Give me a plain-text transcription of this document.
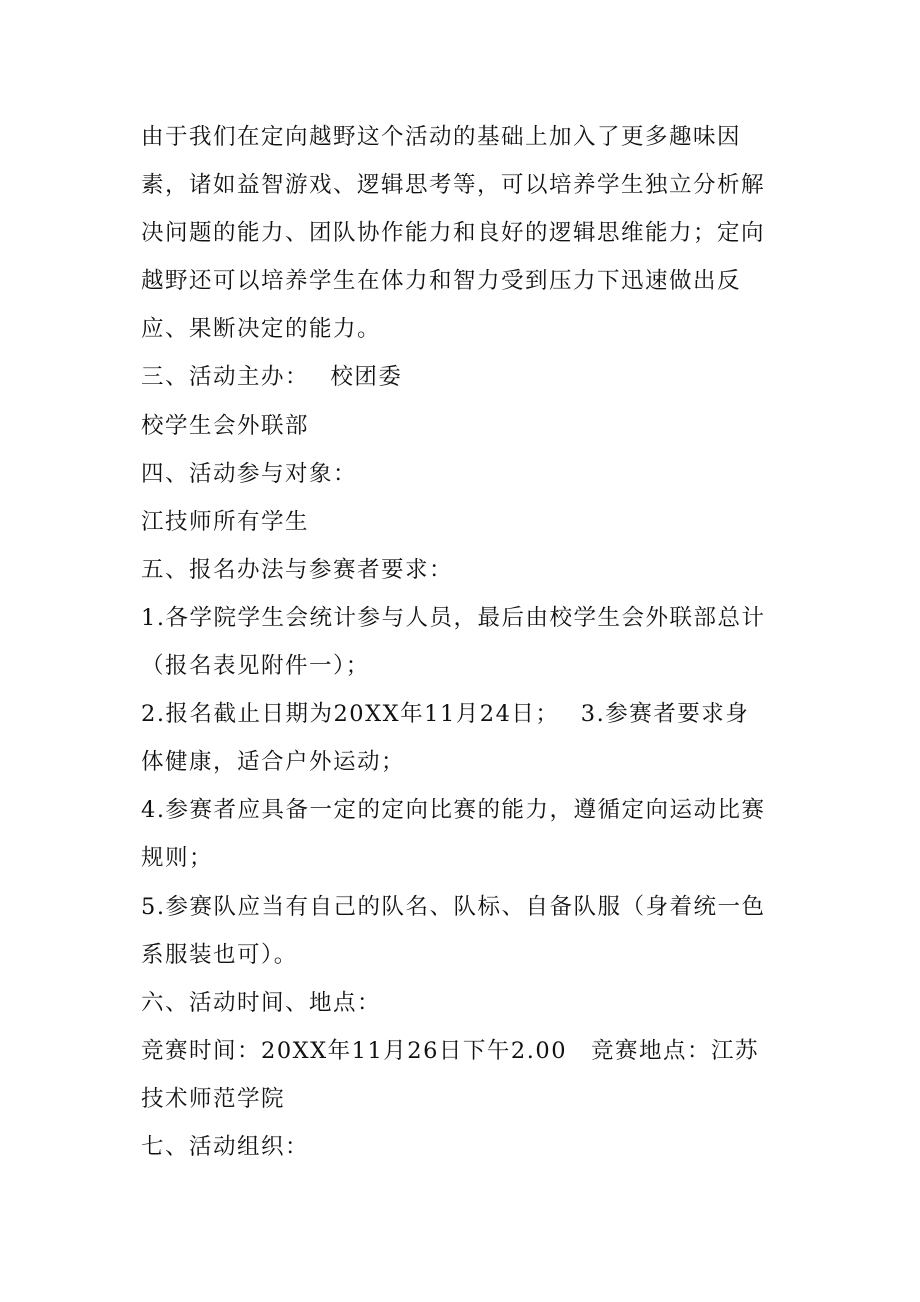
由于我们在定向越野这个活动的基础上加入了更多趣味因
素，诸如益智游戏、逻辑思考等，可以培养学生独立分析解
决问题的能力、团队协作能力和良好的逻辑思维能力；定向
越野还可以培养学生在体力和智力受到压力下迅速做出反
应、果断决定的能力。
三、活动主办：　 校团委
校学生会外联部
四、活动参与对象：
江技师所有学生
五、报名办法与参赛者要求：
1.各学院学生会统计参与人员，最后由校学生会外联部总计
（报名表见附件一）；
2.报名截止日期为20XX年11月24日；　 3.参赛者要求身
体健康，适合户外运动；
4.参赛者应具备一定的定向比赛的能力，遵循定向运动比赛
规则；
5.参赛队应当有自己的队名、队标、自备队服（身着统一色
系服装也可）。
六、活动时间、地点：
竞赛时间：20XX年11月26日下午2.00　竞赛地点：江苏
技术师范学院
七、活动组织：
